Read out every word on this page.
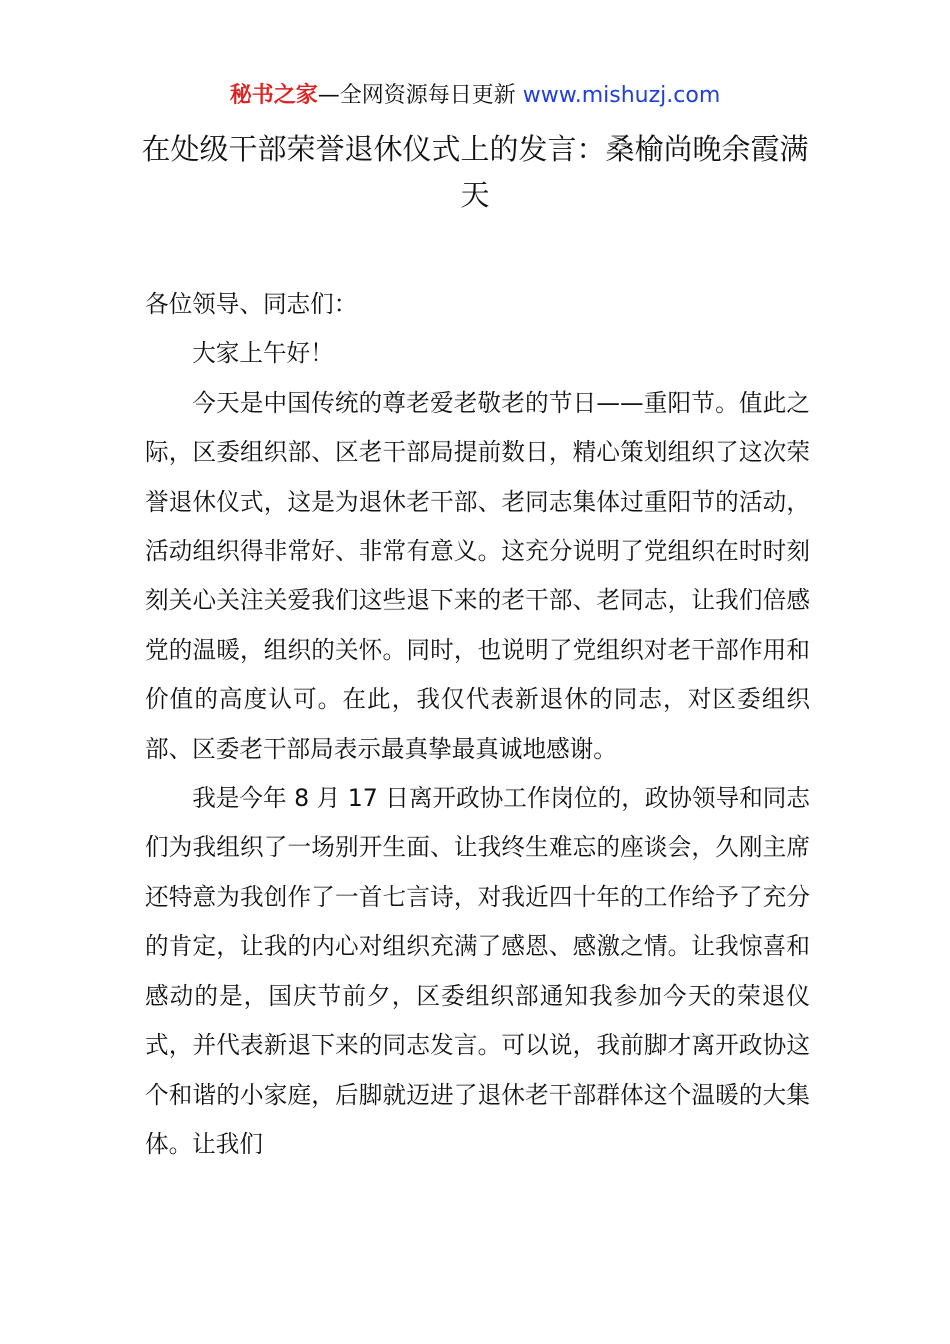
秘书之家—全网资源每日更新 www.mishuzj.com
在处级干部荣誉退休仪式上的发言：桑榆尚晚余霞满天

各位领导、同志们：

大家上午好！

今天是中国传统的尊老爱老敬老的节日——重阳节。值此之际，区委组织部、区老干部局提前数日，精心策划组织了这次荣誉退休仪式，这是为退休老干部、老同志集体过重阳节的活动，活动组织得非常好、非常有意义。这充分说明了党组织在时时刻刻关心关注关爱我们这些退下来的老干部、老同志，让我们倍感党的温暖，组织的关怀。同时，也说明了党组织对老干部作用和价值的高度认可。在此，我仅代表新退休的同志，对区委组织部、区委老干部局表示最真挚最真诚地感谢。

我是今年 8 月 17 日离开政协工作岗位的，政协领导和同志们为我组织了一场别开生面、让我终生难忘的座谈会，久刚主席还特意为我创作了一首七言诗，对我近四十年的工作给予了充分的肯定，让我的内心对组织充满了感恩、感激之情。让我惊喜和感动的是，国庆节前夕，区委组织部通知我参加今天的荣退仪式，并代表新退下来的同志发言。可以说，我前脚才离开政协这个和谐的小家庭，后脚就迈进了退休老干部群体这个温暖的大集体。让我们
